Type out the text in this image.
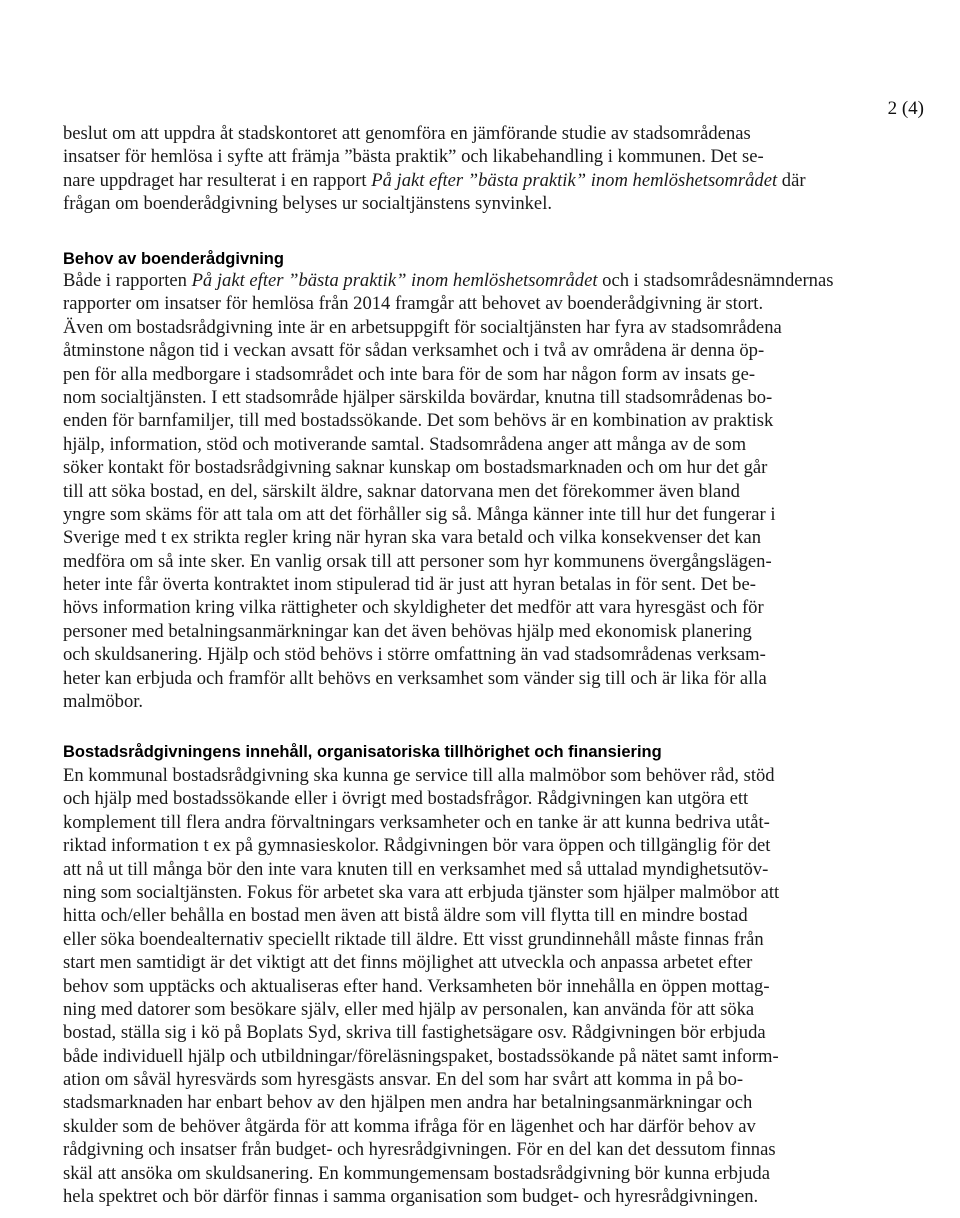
2 (4)
beslut om att uppdra åt stadskontoret att genomföra en jämförande studie av stadsområdenas
insatser för hemlösa i syfte att främja ”bästa praktik” och likabehandling i kommunen. Det se-
nare uppdraget har resulterat i en rapport På jakt efter ”bästa praktik” inom hemlöshetsområdet där
frågan om boenderådgivning belyses ur socialtjänstens synvinkel.
Behov av boenderådgivning
Både i rapporten På jakt efter ”bästa praktik” inom hemlöshetsområdet och i stadsområdesnämndernas
rapporter om insatser för hemlösa från 2014 framgår att behovet av boenderådgivning är stort.
Även om bostadsrådgivning inte är en arbetsuppgift för socialtjänsten har fyra av stadsområdena
åtminstone någon tid i veckan avsatt för sådan verksamhet och i två av områdena är denna öp-
pen för alla medborgare i stadsområdet och inte bara för de som har någon form av insats ge-
nom socialtjänsten. I ett stadsområde hjälper särskilda bovärdar, knutna till stadsområdenas bo-
enden för barnfamiljer, till med bostadssökande. Det som behövs är en kombination av praktisk
hjälp, information, stöd och motiverande samtal. Stadsområdena anger att många av de som
söker kontakt för bostadsrådgivning saknar kunskap om bostadsmarknaden och om hur det går
till att söka bostad, en del, särskilt äldre, saknar datorvana men det förekommer även bland
yngre som skäms för att tala om att det förhåller sig så. Många känner inte till hur det fungerar i
Sverige med t ex strikta regler kring när hyran ska vara betald och vilka konsekvenser det kan
medföra om så inte sker. En vanlig orsak till att personer som hyr kommunens övergångslägen-
heter inte får överta kontraktet inom stipulerad tid är just att hyran betalas in för sent. Det be-
hövs information kring vilka rättigheter och skyldigheter det medför att vara hyresgäst och för
personer med betalningsanmärkningar kan det även behövas hjälp med ekonomisk planering
och skuldsanering. Hjälp och stöd behövs i större omfattning än vad stadsområdenas verksam-
heter kan erbjuda och framför allt behövs en verksamhet som vänder sig till och är lika för alla
malmöbor.
Bostadsrådgivningens innehåll, organisatoriska tillhörighet och finansiering
En kommunal bostadsrådgivning ska kunna ge service till alla malmöbor som behöver råd, stöd
och hjälp med bostadssökande eller i övrigt med bostadsfrågor. Rådgivningen kan utgöra ett
komplement till flera andra förvaltningars verksamheter och en tanke är att kunna bedriva utåt-
riktad information t ex på gymnasieskolor. Rådgivningen bör vara öppen och tillgänglig för det
att nå ut till många bör den inte vara knuten till en verksamhet med så uttalad myndighetsutöv-
ning som socialtjänsten. Fokus för arbetet ska vara att erbjuda tjänster som hjälper malmöbor att
hitta och/eller behålla en bostad men även att bistå äldre som vill flytta till en mindre bostad
eller söka boendealternativ speciellt riktade till äldre. Ett visst grundinnehåll måste finnas från
start men samtidigt är det viktigt att det finns möjlighet att utveckla och anpassa arbetet efter
behov som upptäcks och aktualiseras efter hand. Verksamheten bör innehålla en öppen mottag-
ning med datorer som besökare själv, eller med hjälp av personalen, kan använda för att söka
bostad, ställa sig i kö på Boplats Syd, skriva till fastighetsägare osv. Rådgivningen bör erbjuda
både individuell hjälp och utbildningar/föreläsningspaket, bostadssökande på nätet samt inform-
ation om såväl hyresvärds som hyresgästs ansvar. En del som har svårt att komma in på bo-
stadsmarknaden har enbart behov av den hjälpen men andra har betalningsanmärkningar och
skulder som de behöver åtgärda för att komma ifråga för en lägenhet och har därför behov av
rådgivning och insatser från budget- och hyresrådgivningen. För en del kan det dessutom finnas
skäl att ansöka om skuldsanering. En kommungemensam bostadsrådgivning bör kunna erbjuda
hela spektret och bör därför finnas i samma organisation som budget- och hyresrådgivningen.
